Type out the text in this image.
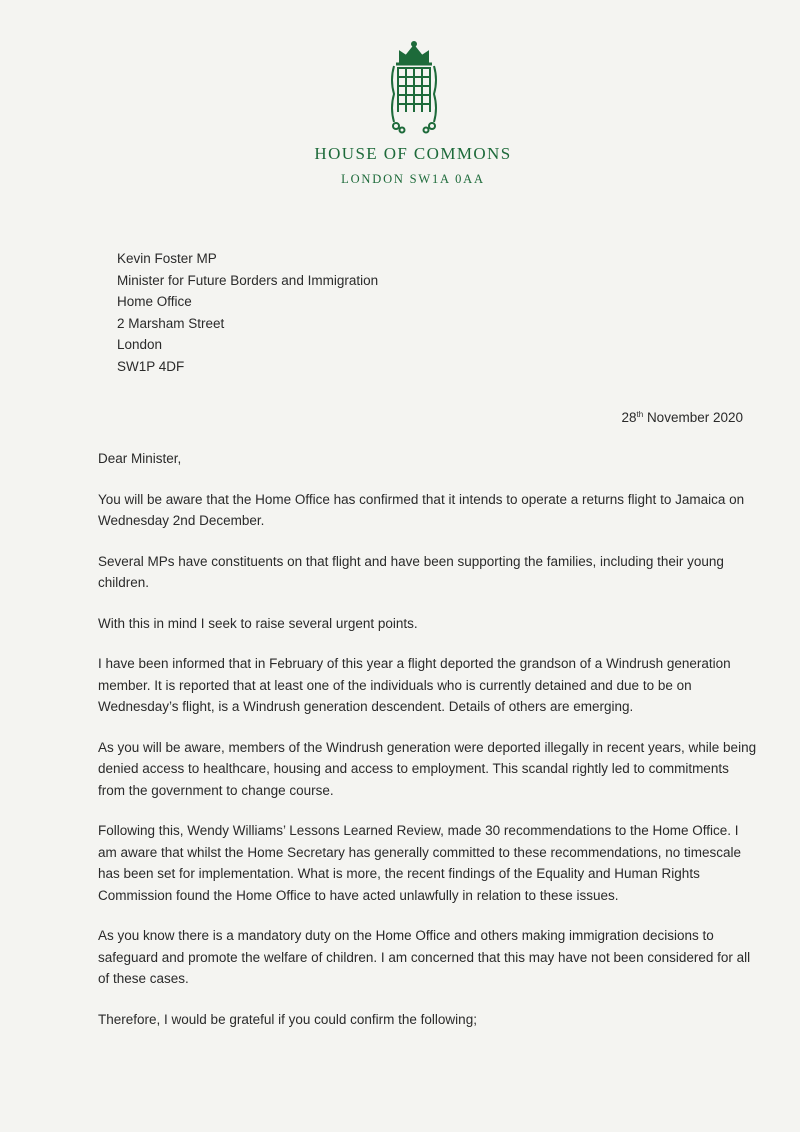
HOUSE OF COMMONS
LONDON SW1A 0AA
Kevin Foster MP
Minister for Future Borders and Immigration
Home Office
2 Marsham Street
London
SW1P 4DF
28th November 2020

Dear Minister,

You will be aware that the Home Office has confirmed that it intends to operate a returns flight to Jamaica on Wednesday 2nd December.

Several MPs have constituents on that flight and have been supporting the families, including their young children.

With this in mind I seek to raise several urgent points.

I have been informed that in February of this year a flight deported the grandson of a Windrush generation member. It is reported that at least one of the individuals who is currently detained and due to be on Wednesday’s flight, is a Windrush generation descendent. Details of others are emerging.

As you will be aware, members of the Windrush generation were deported illegally in recent years, while being denied access to healthcare, housing and access to employment. This scandal rightly led to commitments from the government to change course.

Following this, Wendy Williams’ Lessons Learned Review, made 30 recommendations to the Home Office. I am aware that whilst the Home Secretary has generally committed to these recommendations, no timescale has been set for implementation. What is more, the recent findings of the Equality and Human Rights Commission found the Home Office to have acted unlawfully in relation to these issues.

As you know there is a mandatory duty on the Home Office and others making immigration decisions to safeguard and promote the welfare of children. I am concerned that this may have not been considered for all of these cases.

Therefore, I would be grateful if you could confirm the following;
